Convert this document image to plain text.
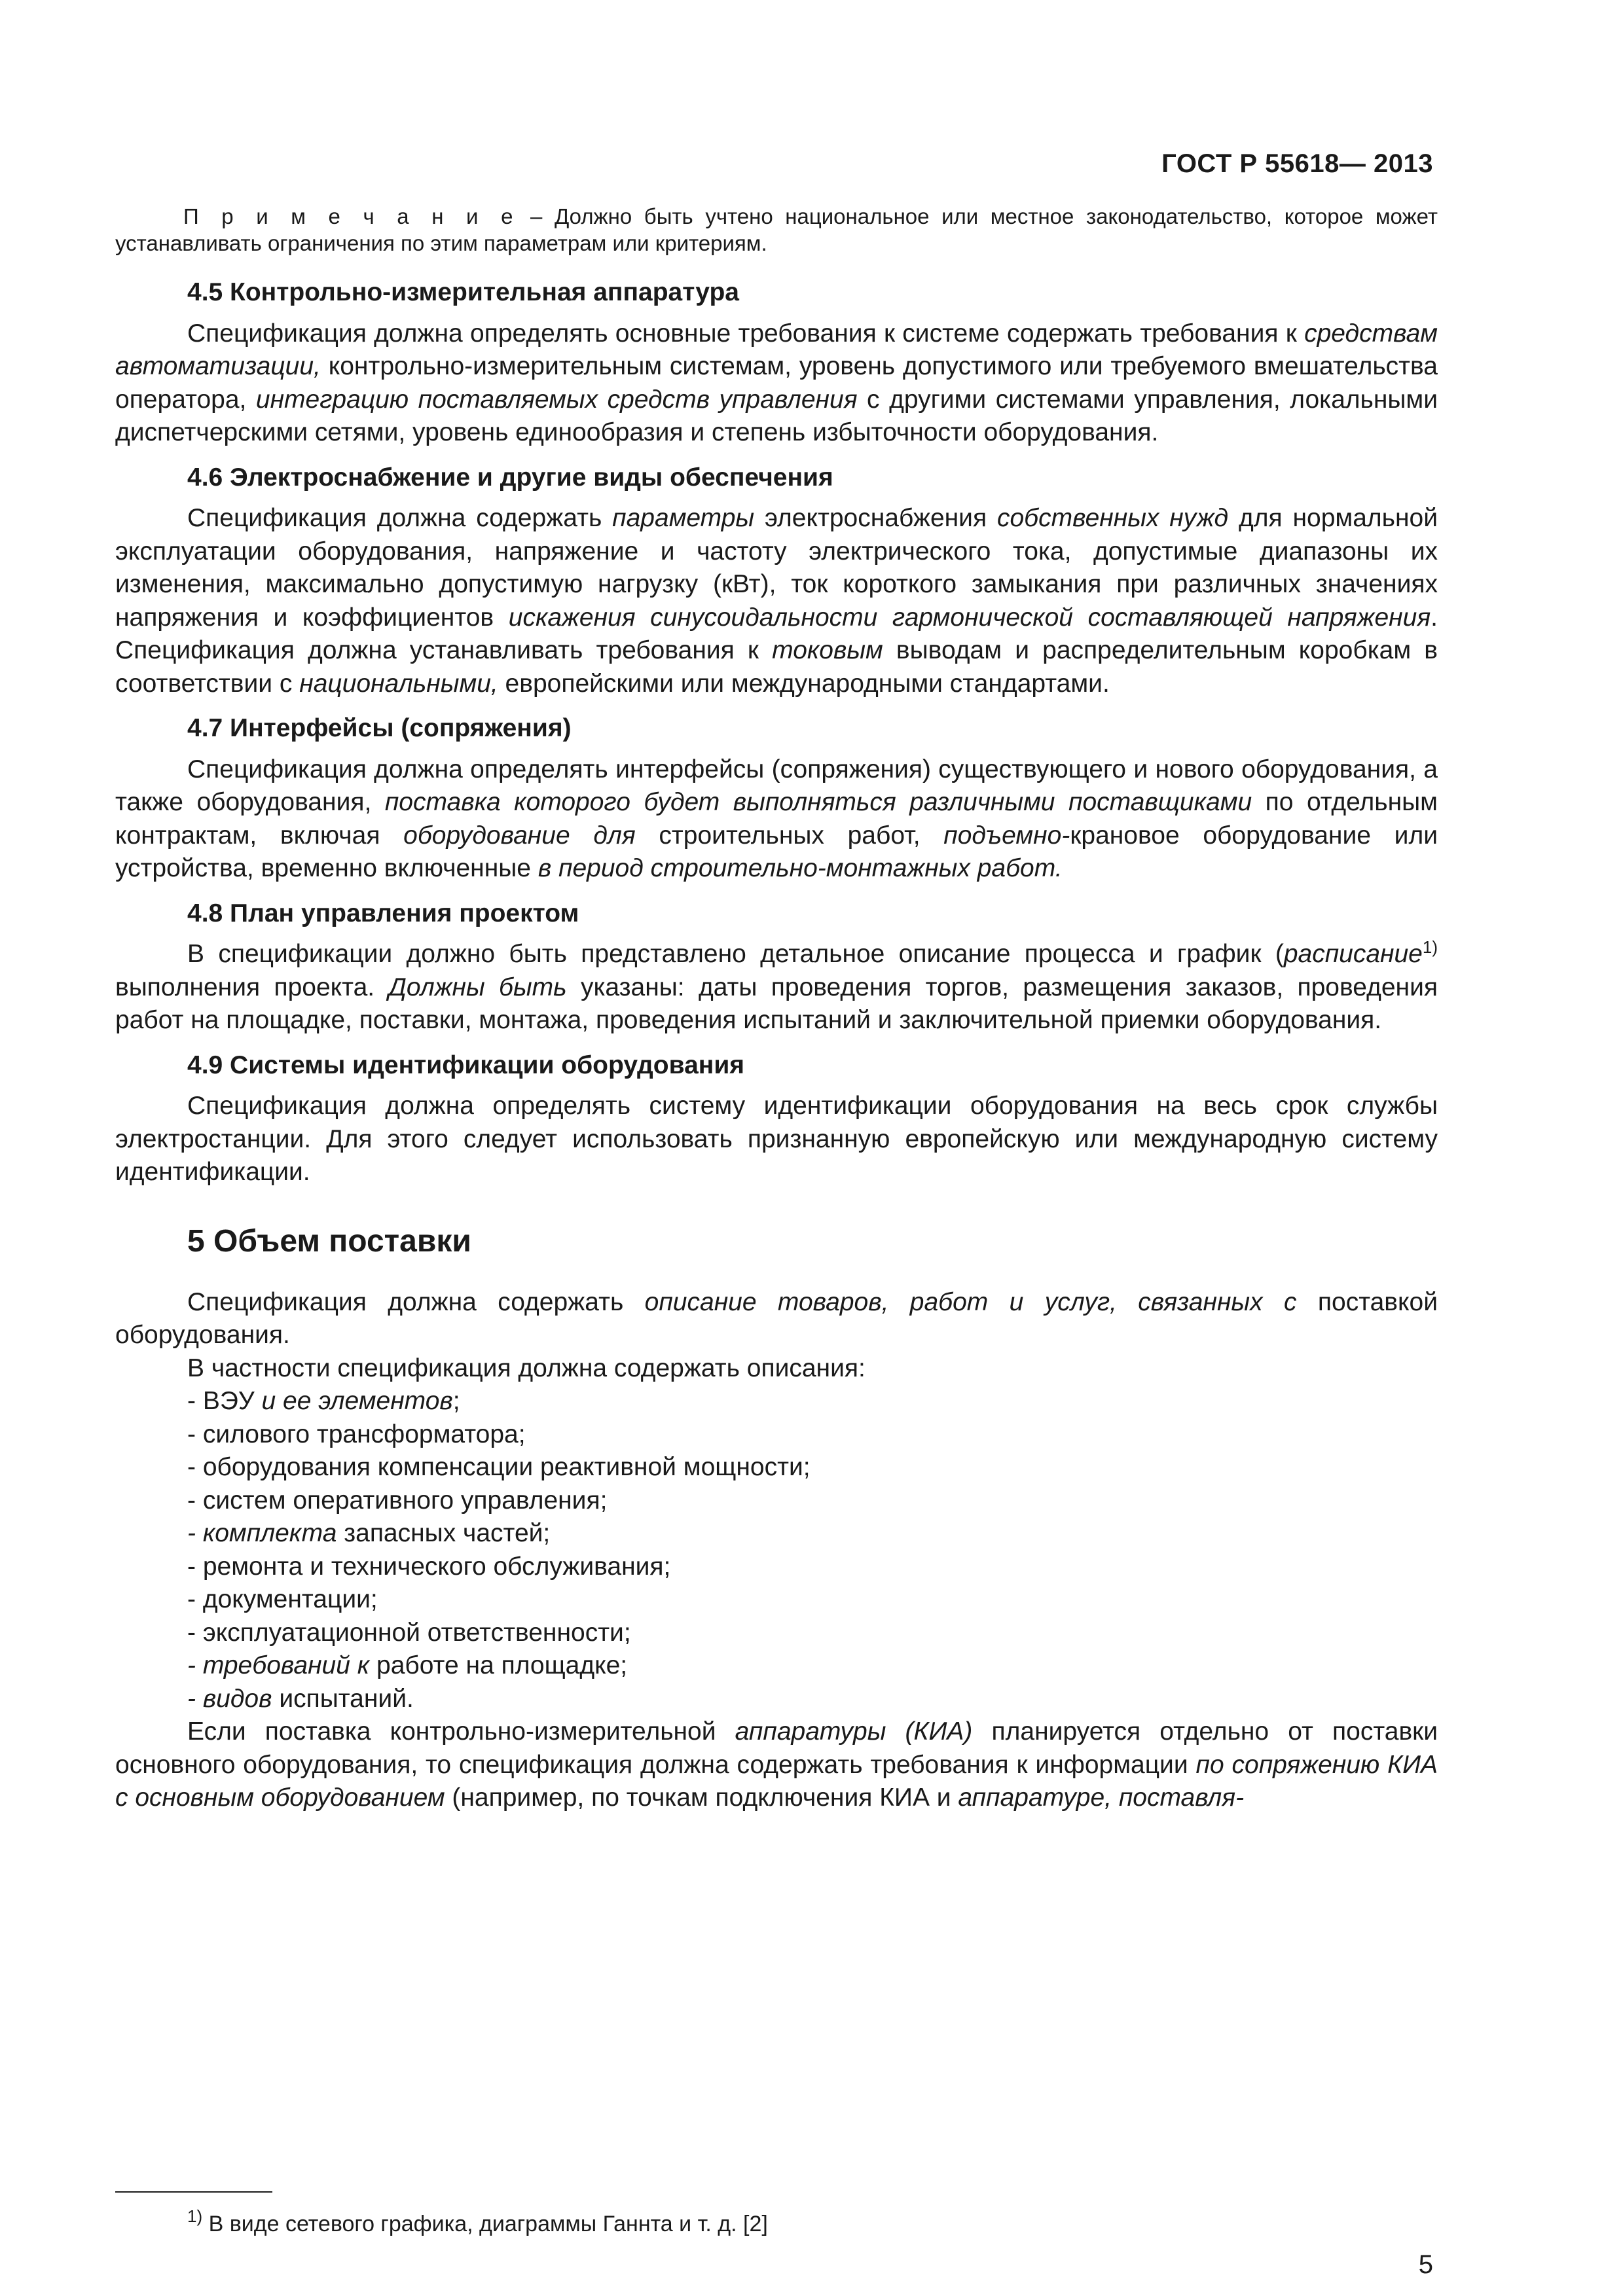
ГОСТ Р 55618— 2013
П р и м е ч а н и е – Должно быть учтено национальное или местное законодательство, которое может устанавливать ограничения по этим параметрам или критериям.
4.5 Контрольно-измерительная аппаратура

Спецификация должна определять основные требования к системе содержать требования к средствам автоматизации, контрольно-измерительным системам, уровень допустимого или требуемого вмешательства оператора, интеграцию поставляемых средств управления с другими системами управления, локальными диспетчерскими сетями, уровень единообразия и степень избыточности оборудования.

4.6 Электроснабжение и другие виды обеспечения

Спецификация должна содержать параметры электроснабжения собственных нужд для нормальной эксплуатации оборудования, напряжение и частоту электрического тока, допустимые диапазоны их изменения, максимально допустимую нагрузку (кВт), ток короткого замыкания при различных значениях напряжения и коэффициентов искажения синусоидальности гармонической составляющей напряжения. Спецификация должна устанавливать требования к токовым выводам и распределительным коробкам в соответствии с национальными, европейскими или международными стандартами.

4.7 Интерфейсы (сопряжения)

Спецификация должна определять интерфейсы (сопряжения) существующего и нового оборудования, а также оборудования, поставка которого будет выполняться различными поставщиками по отдельным контрактам, включая оборудование для строительных работ, подъемно-крановое оборудование или устройства, временно включенные в период строительно-монтажных работ.

4.8 План управления проектом

В спецификации должно быть представлено детальное описание процесса и график (расписание$^{1)}$ выполнения проекта. Должны быть указаны: даты проведения торгов, размещения заказов, проведения работ на площадке, поставки, монтажа, проведения испытаний и заключительной приемки оборудования.

4.9 Системы идентификации оборудования

Спецификация должна определять систему идентификации оборудования на весь срок службы электростанции. Для этого следует использовать признанную европейскую или международную систему идентификации.

5 Объем поставки

Спецификация должна содержать описание товаров, работ и услуг, связанных с поставкой оборудования.

В частности спецификация должна содержать описания:

- ВЭУ и ее элементов;
- силового трансформатора;
- оборудования компенсации реактивной мощности;
- систем оперативного управления;
- комплекта запасных частей;
- ремонта и технического обслуживания;
- документации;
- эксплуатационной ответственности;
- требований к работе на площадке;
- видов испытаний.

Если поставка контрольно-измерительной аппаратуры (КИА) планируется отдельно от поставки основного оборудования, то спецификация должна содержать требования к информации по сопряжению КИА с основным оборудованием (например, по точкам подключения КИА и аппаратуре, поставля-

$^{1)}$ В виде сетевого графика, диаграммы Ганнта и т. д. [2]
5
